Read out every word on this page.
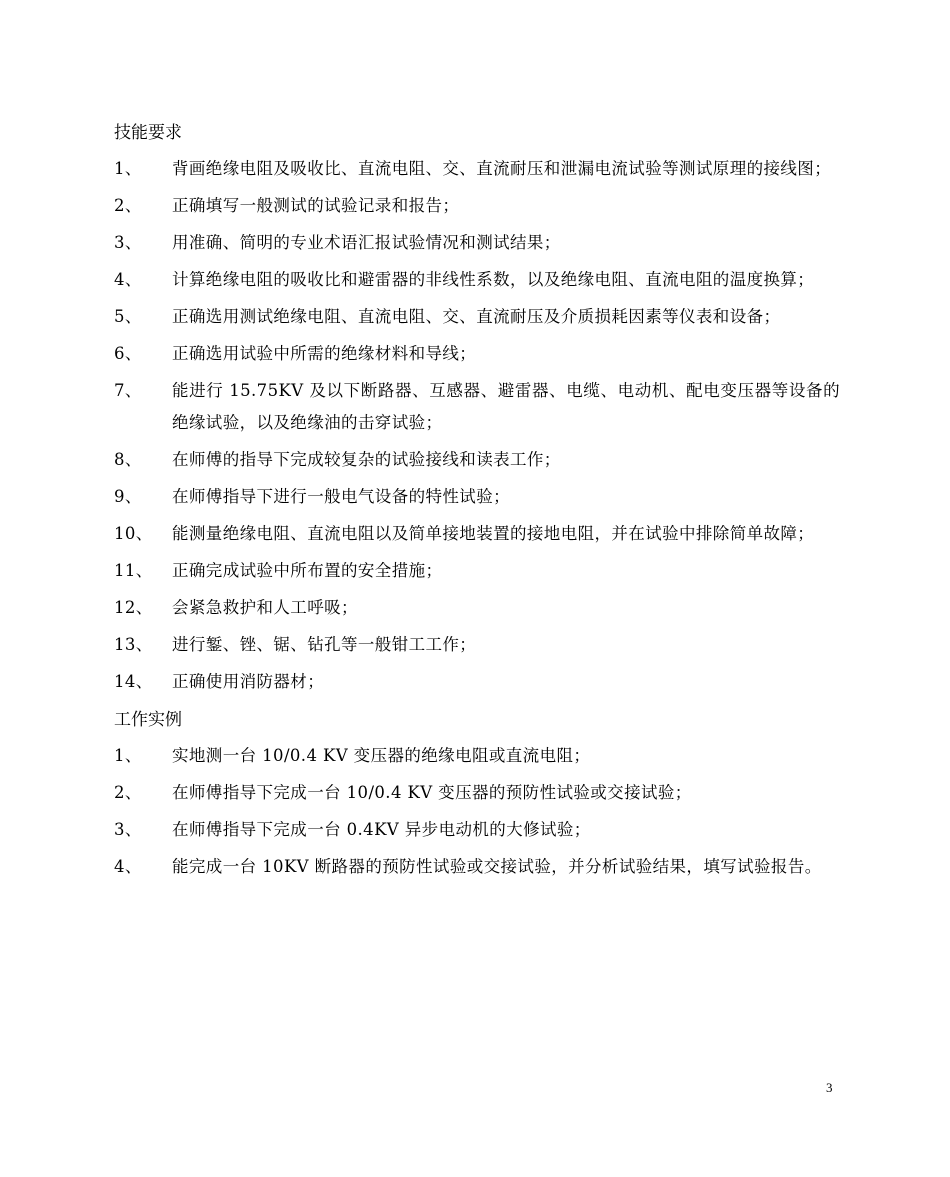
技能要求
1、	背画绝缘电阻及吸收比、直流电阻、交、直流耐压和泄漏电流试验等测试原理的接线图；
2、	正确填写一般测试的试验记录和报告；
3、	用准确、简明的专业术语汇报试验情况和测试结果；
4、	计算绝缘电阻的吸收比和避雷器的非线性系数，以及绝缘电阻、直流电阻的温度换算；
5、	正确选用测试绝缘电阻、直流电阻、交、直流耐压及介质损耗因素等仪表和设备；
6、	正确选用试验中所需的绝缘材料和导线；
7、	能进行 15.75KV 及以下断路器、互感器、避雷器、电缆、电动机、配电变压器等设备的绝缘试验，以及绝缘油的击穿试验；
8、	在师傅的指导下完成较复杂的试验接线和读表工作；
9、	在师傅指导下进行一般电气设备的特性试验；
10、	能测量绝缘电阻、直流电阻以及简单接地装置的接地电阻，并在试验中排除简单故障；
11、	正确完成试验中所布置的安全措施；
12、	会紧急救护和人工呼吸；
13、	进行錾、锉、锯、钻孔等一般钳工工作；
14、	正确使用消防器材；
工作实例
1、	实地测一台 10/0.4 KV 变压器的绝缘电阻或直流电阻；
2、	在师傅指导下完成一台 10/0.4 KV 变压器的预防性试验或交接试验；
3、	在师傅指导下完成一台 0.4KV 异步电动机的大修试验；
4、	能完成一台 10KV 断路器的预防性试验或交接试验，并分析试验结果，填写试验报告。
3
